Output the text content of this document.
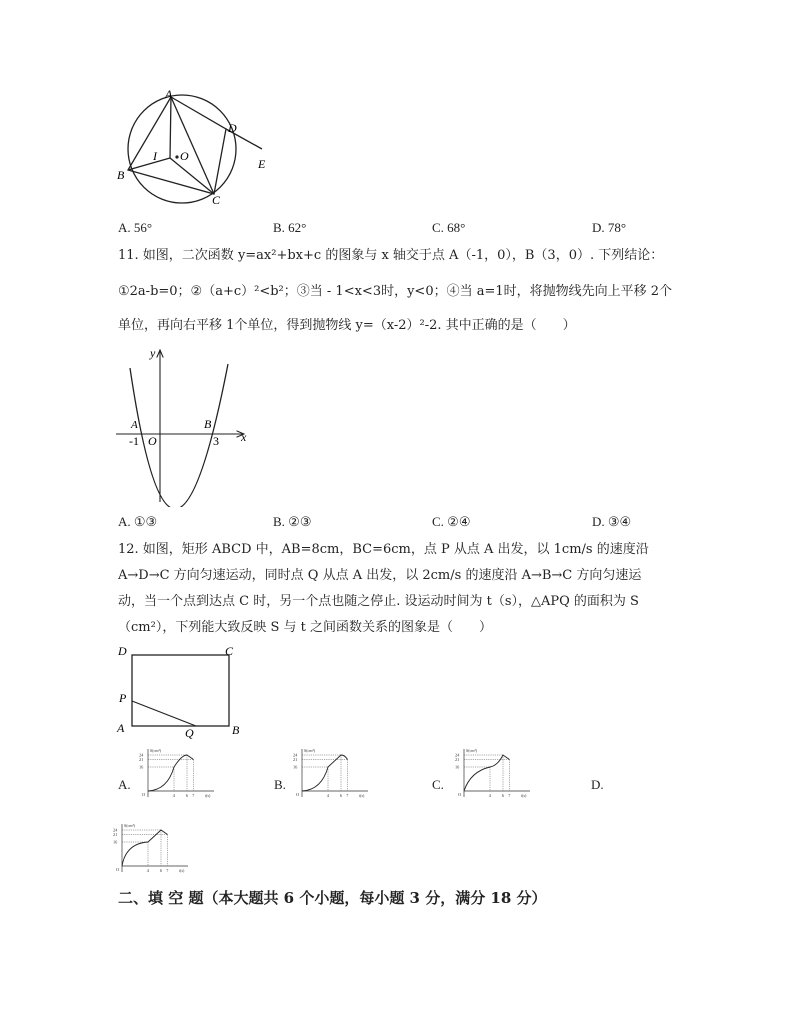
A
D
E
I O
B
C
A. 56°	B. 62°	C. 68°	D. 78°
11. 如图，二次函数 y=ax²+bx+c 的图象与 x 轴交于点 A（-1，0），B（3，0）. 下列结论：
①2a-b=0；②（a+c）²<b²；③当 - 1<x<3时，y<0；④当 a=1时，将抛物线先向上平移 2个
单位，再向右平移 1个单位，得到抛物线 y=（x-2）²-2. 其中正确的是（　　）
y
x
A	B
-1 O	3
A. ①③	B. ②③	C. ②④	D. ③④
12. 如图，矩形 ABCD 中，AB=8cm，BC=6cm，点 P 从点 A 出发，以 1cm/s 的速度沿
A→D→C 方向匀速运动，同时点 Q 从点 A 出发，以 2cm/s 的速度沿 A→B→C 方向匀速运
动，当一个点到达点 C 时，另一个点也随之停止. 设运动时间为 t（s），△APQ 的面积为 S
（cm²），下列能大致反映 S 与 t 之间函数关系的图象是（　　）
D	C
P
A	Q	B
A.	B.	C.	D.
S(cm²)
t(s)
O
24
21
16
4	6 7
S(cm²)
t(s)
O
24
21
16
4	6 7
S(cm²)
t(s)
O
24
21
16
4	6 7
S(cm²)
t(s)
O
24
21
16
4	6 7
二、填 空 题（本大题共 6 个小题，每小题 3 分，满分 18 分）
